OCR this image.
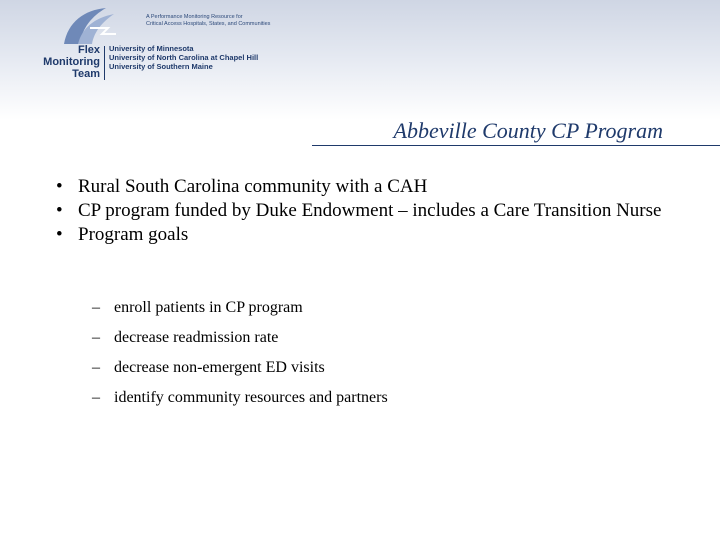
A Performance Monitoring Resource for
Critical Access Hospitals, States, and Communities
Flex
Monitoring
Team
University of Minnesota
University of North Carolina at Chapel Hill
University of Southern Maine
Abbeville County CP Program
• Rural South Carolina community with a CAH
• CP program funded by Duke Endowment – includes a Care Transition Nurse
• Program goals
– enroll patients in CP program
– decrease readmission rate
– decrease non-emergent ED visits
– identify community resources and partners
